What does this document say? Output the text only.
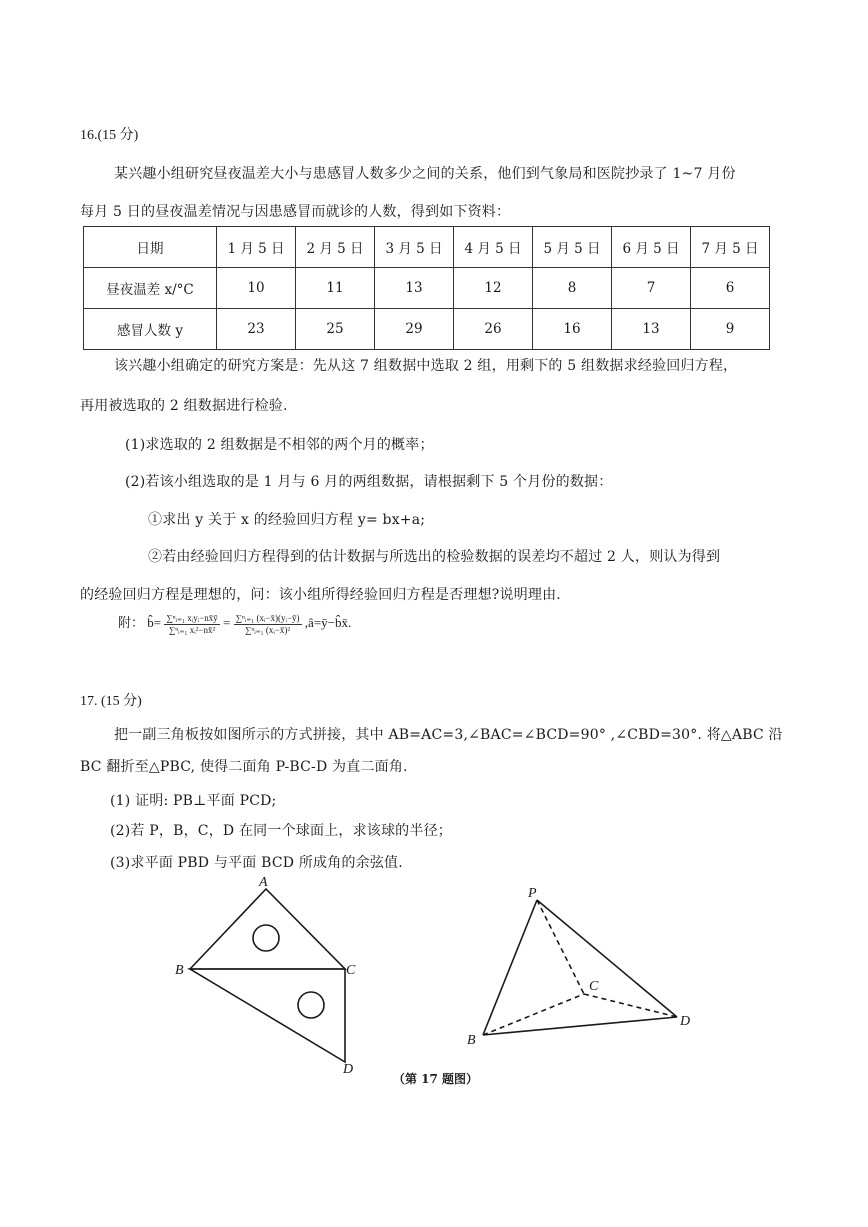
16.(15 分)
某兴趣小组研究昼夜温差大小与患感冒人数多少之间的关系，他们到气象局和医院抄录了 1~7 月份
每月 5 日的昼夜温差情况与因患感冒而就诊的人数，得到如下资料：
日期	1 月 5 日	2 月 5 日	3 月 5 日	4 月 5 日	5 月 5 日	6 月 5 日	7 月 5 日
昼夜温差 x/°C	10	11	13	12	8	7	6
感冒人数 y	23	25	29	26	16	13	9
该兴趣小组确定的研究方案是：先从这 7 组数据中选取 2 组，用剩下的 5 组数据求经验回归方程，
再用被选取的 2 组数据进行检验.
(1)求选取的 2 组数据是不相邻的两个月的概率；
(2)若该小组选取的是 1 月与 6 月的两组数据，请根据剩下 5 个月份的数据：
①求出 y 关于 x 的经验回归方程 y= bx+a;
②若由经验回归方程得到的估计数据与所选出的检验数据的误差均不超过 2 人，则认为得到
的经验回归方程是理想的，问：该小组所得经验回归方程是否理想?说明理由.
附： b̂= $\frac{\text{∑ⁿᵢ₌₁ xᵢyᵢ−nx̄ȳ}}{\text{∑ⁿᵢ₌₁ xᵢ²−nx̄²}} = \frac{\text{∑ⁿᵢ₌₁ (xᵢ−x̄)(yᵢ−ȳ)}}{\text{∑ⁿᵢ₌₁ (xᵢ−x̄)²}}$ ,â=ȳ−b̂x̄.
17. (15 分)
把一副三角板按如图所示的方式拼接，其中 AB=AC=3,∠BAC=∠BCD=90° ,∠CBD=30°. 将△ABC 沿
BC 翻折至△PBC, 使得二面角 P-BC-D 为直二面角.
(1) 证明: PB⊥平面 PCD;
(2)若 P，B，C，D 在同一个球面上，求该球的半径；
(3)求平面 PBD 与平面 BCD 所成角的余弦值.
A
B	C
D
P
C
D
B
（第 17 题图）
